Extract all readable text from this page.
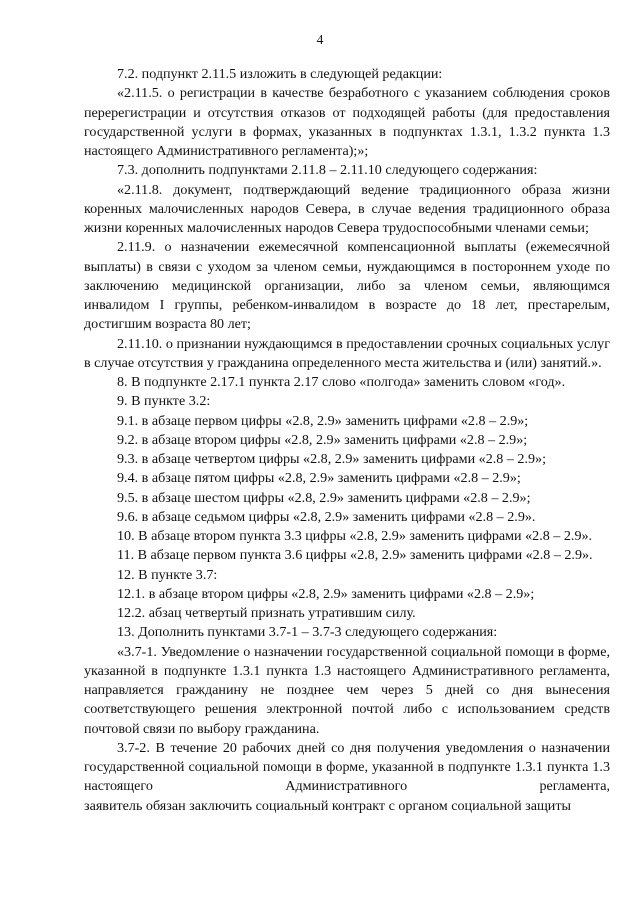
4

7.2. подпункт 2.11.5 изложить в следующей редакции:

«2.11.5. о регистрации в качестве безработного с указанием соблюдения сроков перерегистрации и отсутствия отказов от подходящей работы (для предоставления государственной услуги в формах, указанных в подпунктах 1.3.1, 1.3.2 пункта 1.3 настоящего Административного регламента);»;

7.3. дополнить подпунктами 2.11.8 – 2.11.10 следующего содержания:

«2.11.8. документ, подтверждающий ведение традиционного образа жизни коренных малочисленных народов Севера, в случае ведения традиционного образа жизни коренных малочисленных народов Севера трудоспособными членами семьи;

2.11.9. о назначении ежемесячной компенсационной выплаты (ежемесячной выплаты) в связи с уходом за членом семьи, нуждающимся в постороннем уходе по заключению медицинской организации, либо за членом семьи, являющимся инвалидом I группы, ребенком-инвалидом в возрасте до 18 лет, престарелым, достигшим возраста 80 лет;

2.11.10. о признании нуждающимся в предоставлении срочных социальных услуг в случае отсутствия у гражданина определенного места жительства и (или) занятий.».

8. В подпункте 2.17.1 пункта 2.17 слово «полгода» заменить словом «год».

9. В пункте 3.2:

9.1. в абзаце первом цифры «2.8, 2.9» заменить цифрами «2.8 – 2.9»;

9.2. в абзаце втором цифры «2.8, 2.9» заменить цифрами «2.8 – 2.9»;

9.3. в абзаце четвертом цифры «2.8, 2.9» заменить цифрами «2.8 – 2.9»;

9.4. в абзаце пятом цифры «2.8, 2.9» заменить цифрами «2.8 – 2.9»;

9.5. в абзаце шестом цифры «2.8, 2.9» заменить цифрами «2.8 – 2.9»;

9.6. в абзаце седьмом цифры «2.8, 2.9» заменить цифрами «2.8 – 2.9».

10. В абзаце втором пункта 3.3 цифры «2.8, 2.9» заменить цифрами «2.8 – 2.9».

11. В абзаце первом пункта 3.6 цифры «2.8, 2.9» заменить цифрами «2.8 – 2.9».

12. В пункте 3.7:

12.1. в абзаце втором цифры «2.8, 2.9» заменить цифрами «2.8 – 2.9»;

12.2. абзац четвертый признать утратившим силу.

13. Дополнить пунктами 3.7-1 – 3.7-3 следующего содержания:

«3.7-1. Уведомление о назначении государственной социальной помощи в форме, указанной в подпункте 1.3.1 пункта 1.3 настоящего Административного регламента, направляется гражданину не позднее чем через 5 дней со дня вынесения соответствующего решения электронной почтой либо с использованием средств почтовой связи по выбору гражданина.

3.7-2. В течение 20 рабочих дней со дня получения уведомления о назначении государственной социальной помощи в форме, указанной в подпункте 1.3.1 пункта 1.3 настоящего Административного регламента, заявитель обязан заключить социальный контракт с органом социальной защиты
